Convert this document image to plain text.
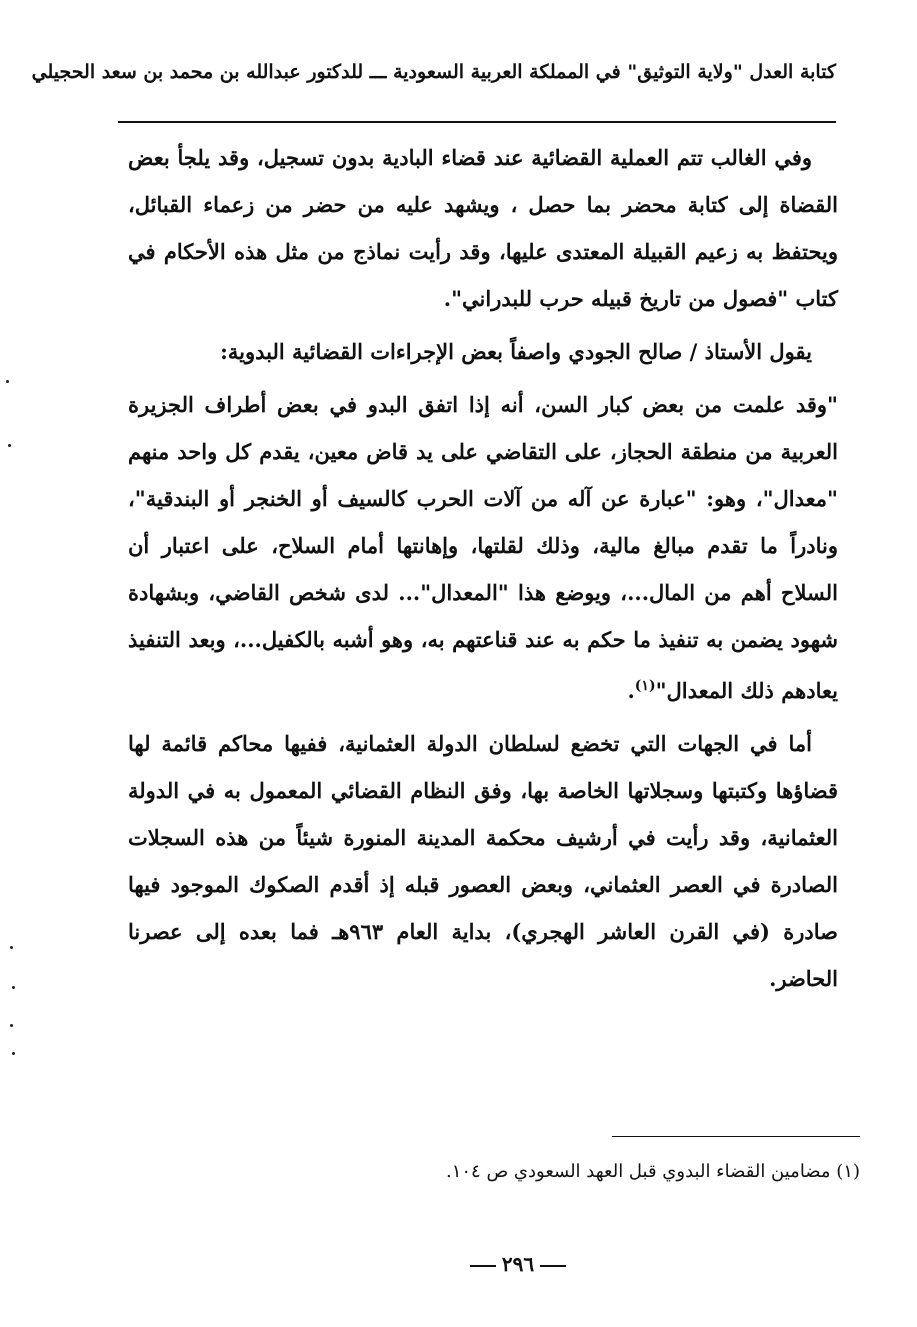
كتابة العدل "ولاية التوثيق" في المملكة العربية السعودية ـــ للدكتور عبدالله بن محمد بن سعد الحجيلي

وفي الغالب تتم العملية القضائية عند قضاء البادية بدون تسجيل، وقد يلجأ بعض القضاة إلى كتابة محضر بما حصل ، ويشهد عليه من حضر من زعماء القبائل، ويحتفظ به زعيم القبيلة المعتدى عليها، وقد رأيت نماذج من مثل هذه الأحكام في كتاب "فصول من تاريخ قبيله حرب للبدراني".

يقول الأستاذ / صالح الجودي واصفاً بعض الإجراءات القضائية البدوية:

"وقد علمت من بعض كبار السن، أنه إذا اتفق البدو في بعض أطراف الجزيرة العربية من منطقة الحجاز، على التقاضي على يد قاض معين، يقدم كل واحد منهم "معدال"، وهو: "عبارة عن آله من آلات الحرب كالسيف أو الخنجر أو البندقية"، ونادراً ما تقدم مبالغ مالية، وذلك لقلتها، وإهانتها أمام السلاح، على اعتبار أن السلاح أهم من المال...، ويوضع هذا "المعدال"... لدى شخص القاضي، وبشهادة شهود يضمن به تنفيذ ما حكم به عند قناعتهم به، وهو أشبه بالكفيل...، وبعد التنفيذ يعادهم ذلك المعدال"$^{(١)}$.

أما في الجهات التي تخضع لسلطان الدولة العثمانية، ففيها محاكم قائمة لها قضاؤها وكتبتها وسجلاتها الخاصة بها، وفق النظام القضائي المعمول به في الدولة العثمانية، وقد رأيت في أرشيف محكمة المدينة المنورة شيئاً من هذه السجلات الصادرة في العصر العثماني، وبعض العصور قبله إذ أقدم الصكوك الموجود فيها صادرة (في القرن العاشر الهجري)، بداية العام ٩٦٣هـ فما بعده إلى عصرنا الحاضر.

(١) مضامين القضاء البدوي قبل العهد السعودي ص ١٠٤.
٢٩٦
